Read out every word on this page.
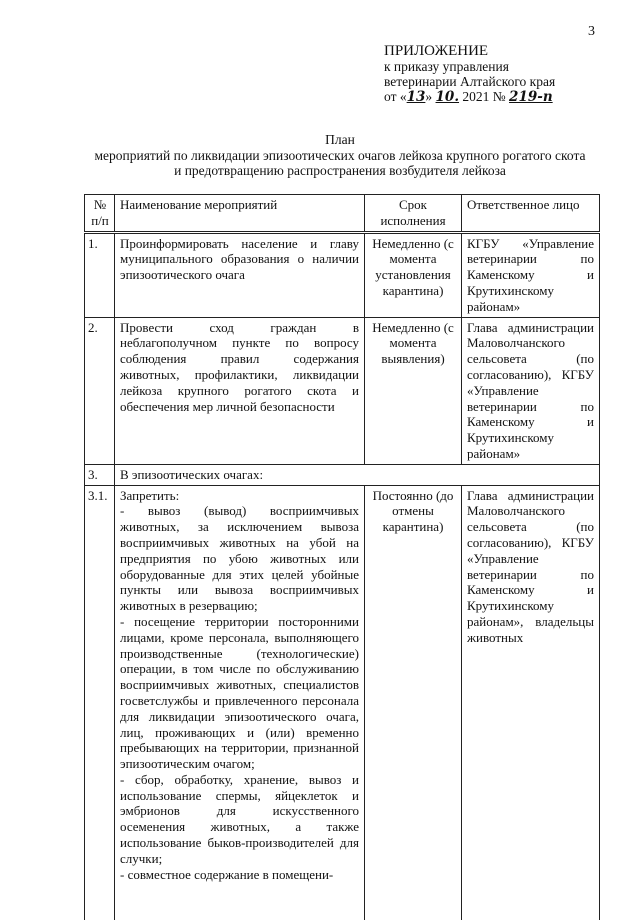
3
ПРИЛОЖЕНИЕ
к приказу управления
ветеринарии Алтайского края
от «13» 10. 2021 № 219-п
План
мероприятий по ликвидации эпизоотических очагов лейкоза крупного рогатого скота
и предотвращению распространения возбудителя лейкоза
№ п/п	Наименование мероприятий	Срок исполнения	Ответственное лицо
1.	Проинформировать население и главу муниципального образования о наличии эпизоотического очага	Немедленно (с момента установления карантина)	КГБУ «Управление ветеринарии по Каменскому и Крутихинскому районам»
2.	Провести сход граждан в неблагополучном пункте по вопросу соблюдения правил содержания животных, профилактики, ликвидации лейкоза крупного рогатого скота и обеспечения мер личной безопасности	Немедленно (с момента выявления)	Глава администрации Маловолчанского сельсовета (по согласованию), КГБУ «Управление ветеринарии по Каменскому и Крутихинскому районам»
3.	В эпизоотических очагах:		
3.1.	Запретить:
- вывоз (вывод) восприимчивых животных, за исключением вывоза восприимчивых животных на убой на предприятия по убою животных или оборудованные для этих целей убойные пункты или вывоза восприимчивых животных в резервацию;
- посещение территории посторонними лицами, кроме персонала, выполняющего производственные (технологические) операции, в том числе по обслуживанию восприимчивых животных, специалистов госветслужбы и привлеченного персонала для ликвидации эпизоотического очага, лиц, проживающих и (или) временно пребывающих на территории, признанной эпизоотическим очагом;
- сбор, обработку, хранение, вывоз и использование спермы, яйцеклеток и эмбрионов для искусственного осеменения животных, а также использование быков-производителей для случки;
- совместное содержание в помещени-	Постоянно (до отмены карантина)	Глава администрации Маловолчанского сельсовета (по согласованию), КГБУ «Управление ветеринарии по Каменскому и Крутихинскому районам», владельцы животных
